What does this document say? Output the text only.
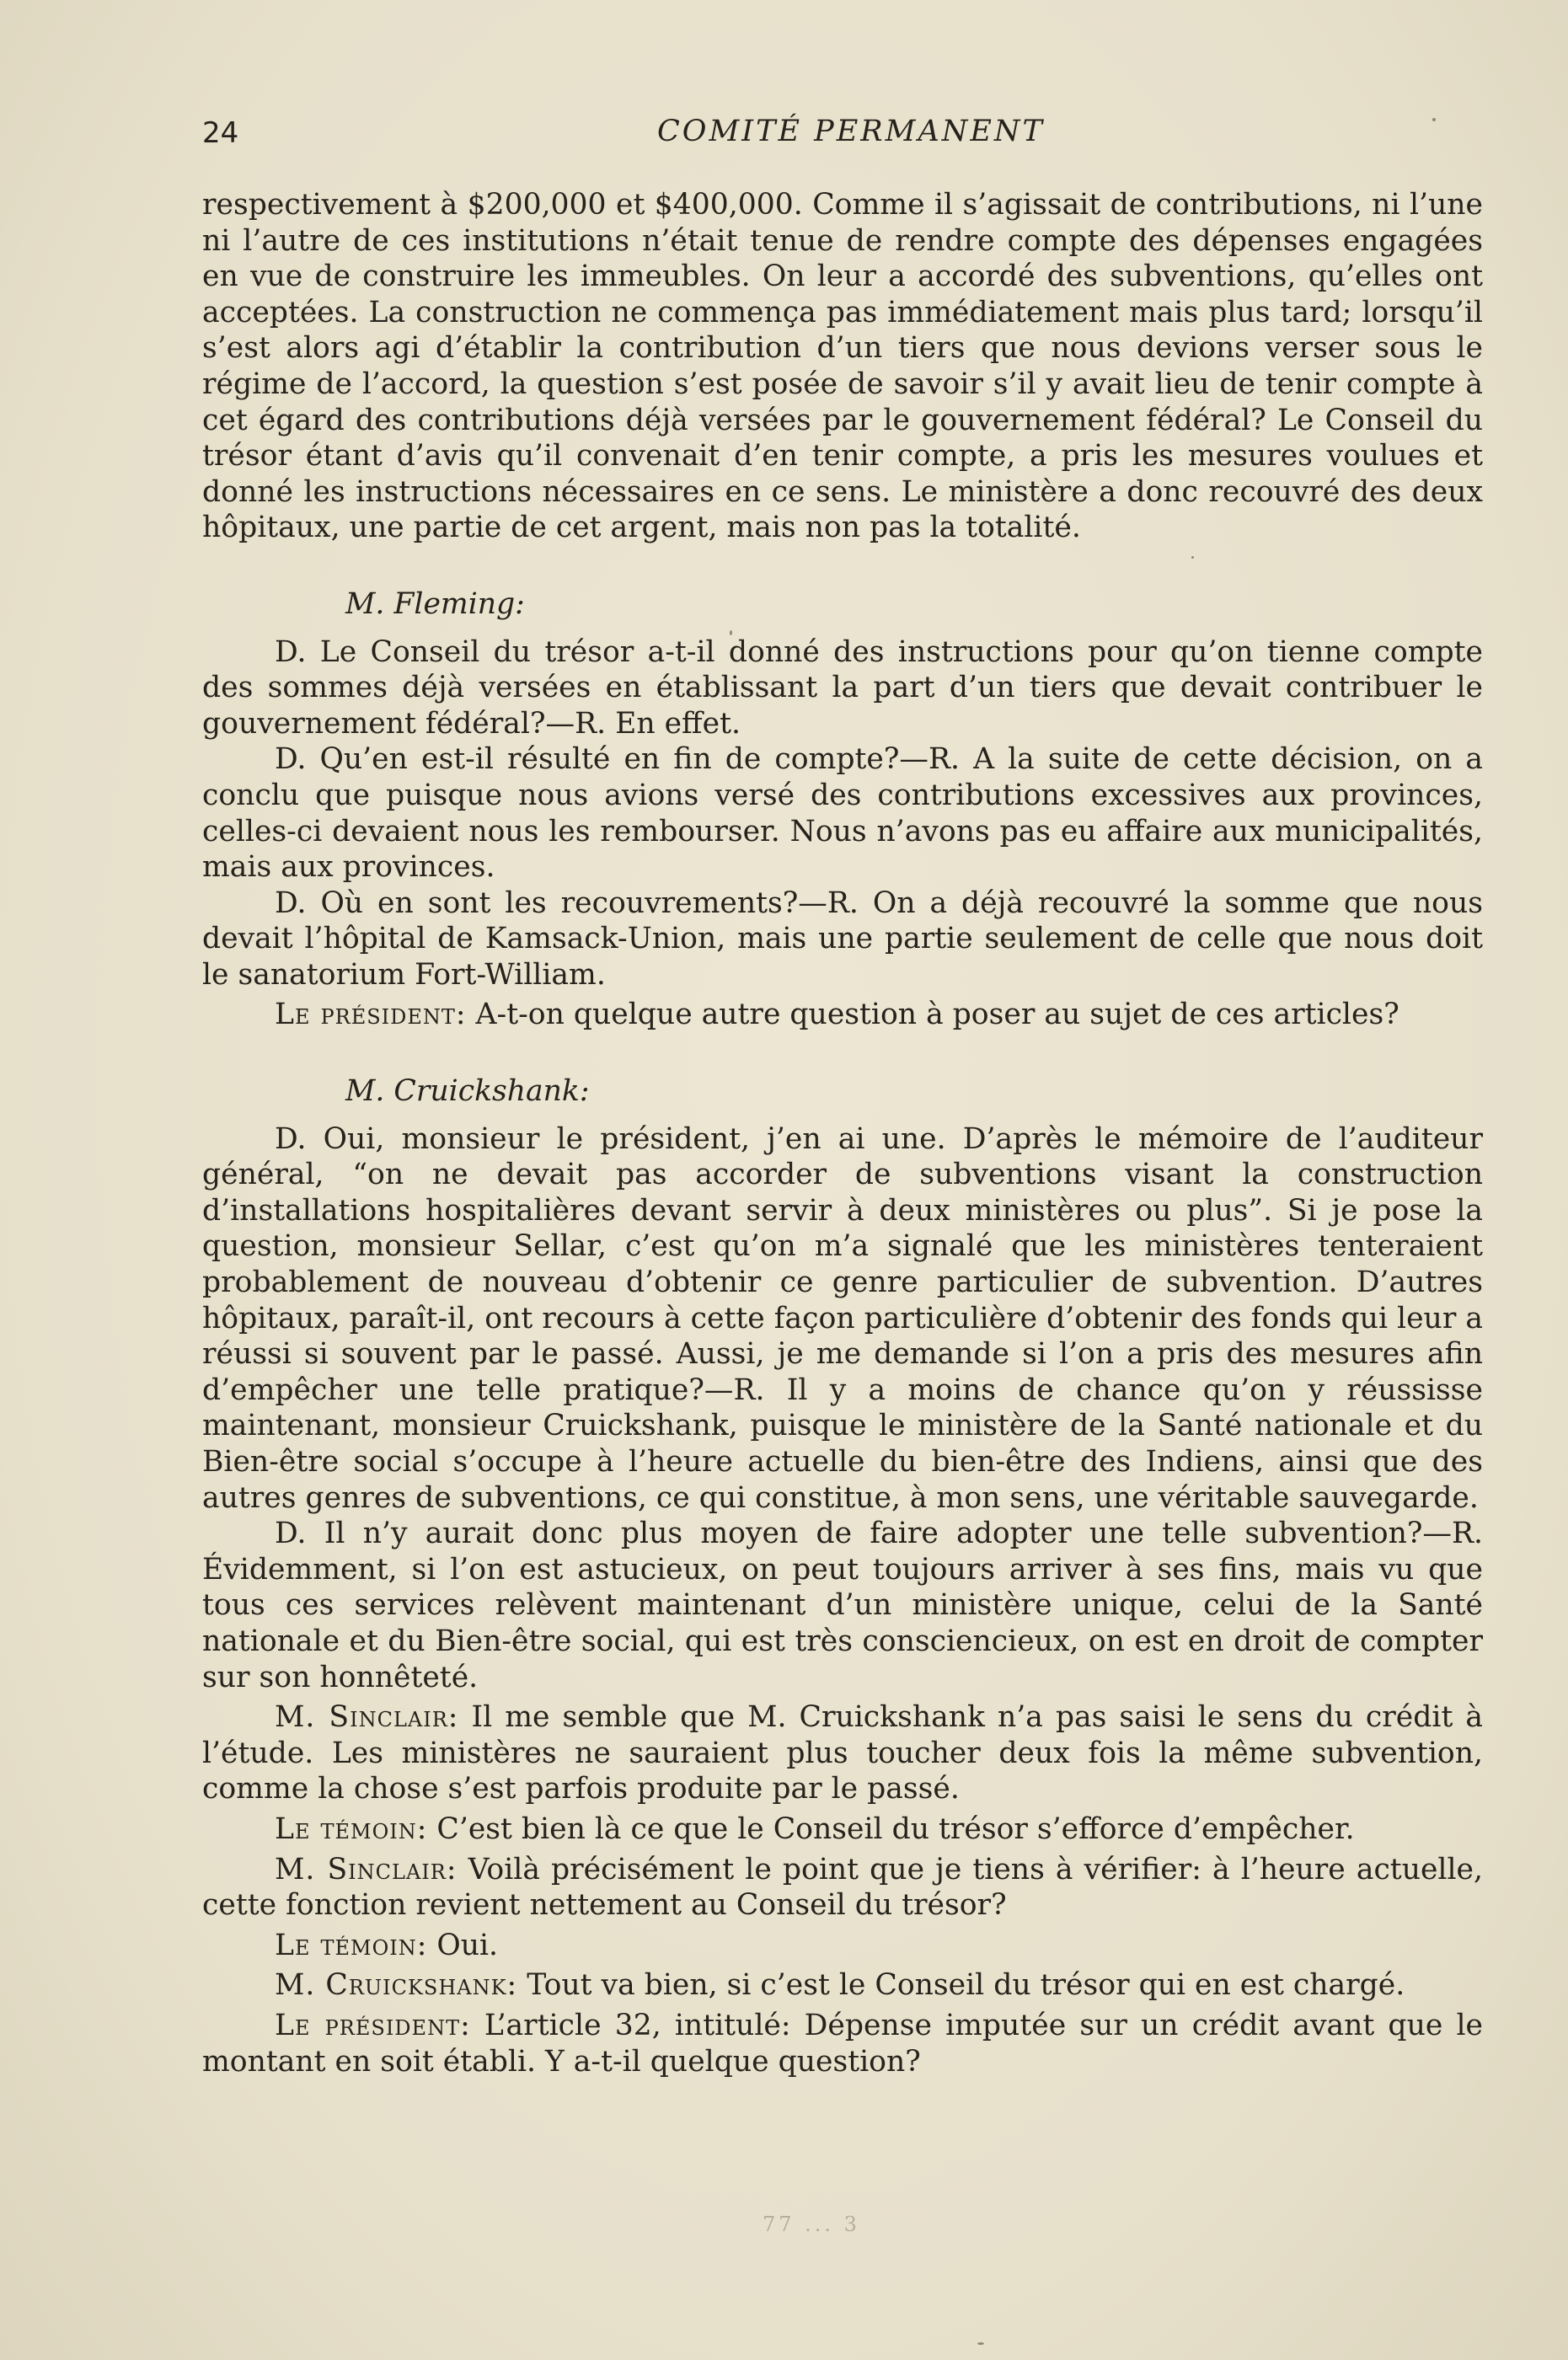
24	COMITÉ PERMANENT

respectivement à $200,000 et $400,000. Comme il s’agissait de contributions, ni l’une ni l’autre de ces institutions n’était tenue de rendre compte des dépenses engagées en vue de construire les immeubles. On leur a accordé des subventions, qu’elles ont acceptées. La construction ne commença pas immédiatement mais plus tard; lorsqu’il s’est alors agi d’établir la contribution d’un tiers que nous devions verser sous le régime de l’accord, la question s’est posée de savoir s’il y avait lieu de tenir compte à cet égard des contributions déjà versées par le gouvernement fédéral? Le Conseil du trésor étant d’avis qu’il convenait d’en tenir compte, a pris les mesures voulues et donné les instructions nécessaires en ce sens. Le ministère a donc recouvré des deux hôpitaux, une partie de cet argent, mais non pas la totalité.

M. Fleming:

D. Le Conseil du trésor a-t-il donné des instructions pour qu’on tienne compte des sommes déjà versées en établissant la part d’un tiers que devait contribuer le gouvernement fédéral?—R. En effet.

D. Qu’en est-il résulté en fin de compte?—R. A la suite de cette décision, on a conclu que puisque nous avions versé des contributions excessives aux provinces, celles-ci devaient nous les rembourser. Nous n’avons pas eu affaire aux municipalités, mais aux provinces.

D. Où en sont les recouvrements?—R. On a déjà recouvré la somme que nous devait l’hôpital de Kamsack-Union, mais une partie seulement de celle que nous doit le sanatorium Fort-William.

Le président: A-t-on quelque autre question à poser au sujet de ces articles?

M. Cruickshank:

D. Oui, monsieur le président, j’en ai une. D’après le mémoire de l’auditeur général, “on ne devait pas accorder de subventions visant la construction d’installations hospitalières devant servir à deux ministères ou plus”. Si je pose la question, monsieur Sellar, c’est qu’on m’a signalé que les ministères tenteraient probablement de nouveau d’obtenir ce genre particulier de subvention. D’autres hôpitaux, paraît-il, ont recours à cette façon particulière d’obtenir des fonds qui leur a réussi si souvent par le passé. Aussi, je me demande si l’on a pris des mesures afin d’empêcher une telle pratique?—R. Il y a moins de chance qu’on y réussisse maintenant, monsieur Cruickshank, puisque le ministère de la Santé nationale et du Bien-être social s’occupe à l’heure actuelle du bien-être des Indiens, ainsi que des autres genres de subventions, ce qui constitue, à mon sens, une véritable sauvegarde.

D. Il n’y aurait donc plus moyen de faire adopter une telle subvention?—R. Évidemment, si l’on est astucieux, on peut toujours arriver à ses fins, mais vu que tous ces services relèvent maintenant d’un ministère unique, celui de la Santé nationale et du Bien-être social, qui est très consciencieux, on est en droit de compter sur son honnêteté.

M. Sinclair: Il me semble que M. Cruickshank n’a pas saisi le sens du crédit à l’étude. Les ministères ne sauraient plus toucher deux fois la même subvention, comme la chose s’est parfois produite par le passé.

Le témoin: C’est bien là ce que le Conseil du trésor s’efforce d’empêcher.

M. Sinclair: Voilà précisément le point que je tiens à vérifier: à l’heure actuelle, cette fonction revient nettement au Conseil du trésor?

Le témoin: Oui.

M. Cruickshank: Tout va bien, si c’est le Conseil du trésor qui en est chargé.

Le président: L’article 32, intitulé: Dépense imputée sur un crédit avant que le montant en soit établi. Y a-t-il quelque question?

77 ... 3
